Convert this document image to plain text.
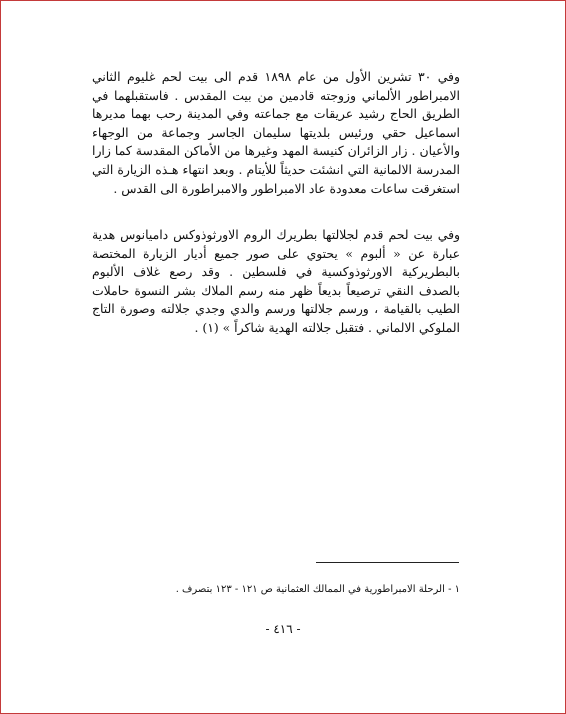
وفي ٣٠ تشرين الأول من عام ١٨٩٨ قدم الى بيت لحم غليوم الثاني الامبراطور الألماني وزوجته قادمين من بيت المقدس . فاستقبلهما في الطريق الحاج رشيد عريقات مع جماعته وفي المدينة رحب بهما مديرها اسماعيل حقي ورئيس بلديتها سليمان الجاسر وجماعة من الوجهاء والأعيان . زار الزائران كنيسة المهد وغيرها من الأماكن المقدسة كما زارا المدرسة الالمانية التي انشئت حديثاً للأيتام . وبعد انتهاء هـذه الزيارة التي استغرقت ساعات معدودة عاد الامبراطور والامبراطورة الى القدس .

وفي بيت لحم قدم لجلالتها بطريرك الروم الاورثوذوكس داميانوس هدية عبارة عن « ألبوم » يحتوي على صور جميع أديار الزيارة المختصة بالبطريركية الاورثوذوكسية في فلسطين . وقد رصع غلاف الألبوم بالصدف النقي ترصيعاً بديعاً ظهر منه رسم الملاك بشر النسوة حاملات الطيب بالقيامة ، ورسم جلالتها ورسم والدي وجدي جلالته وصورة التاج الملوكي الالماني . فتقبل جلالته الهدية شاكراً » (١) .

١ - الرحلة الامبراطورية في الممالك العثمانية ص ١٢١ - ١٢٣ بتصرف .
- ٤١٦ -
